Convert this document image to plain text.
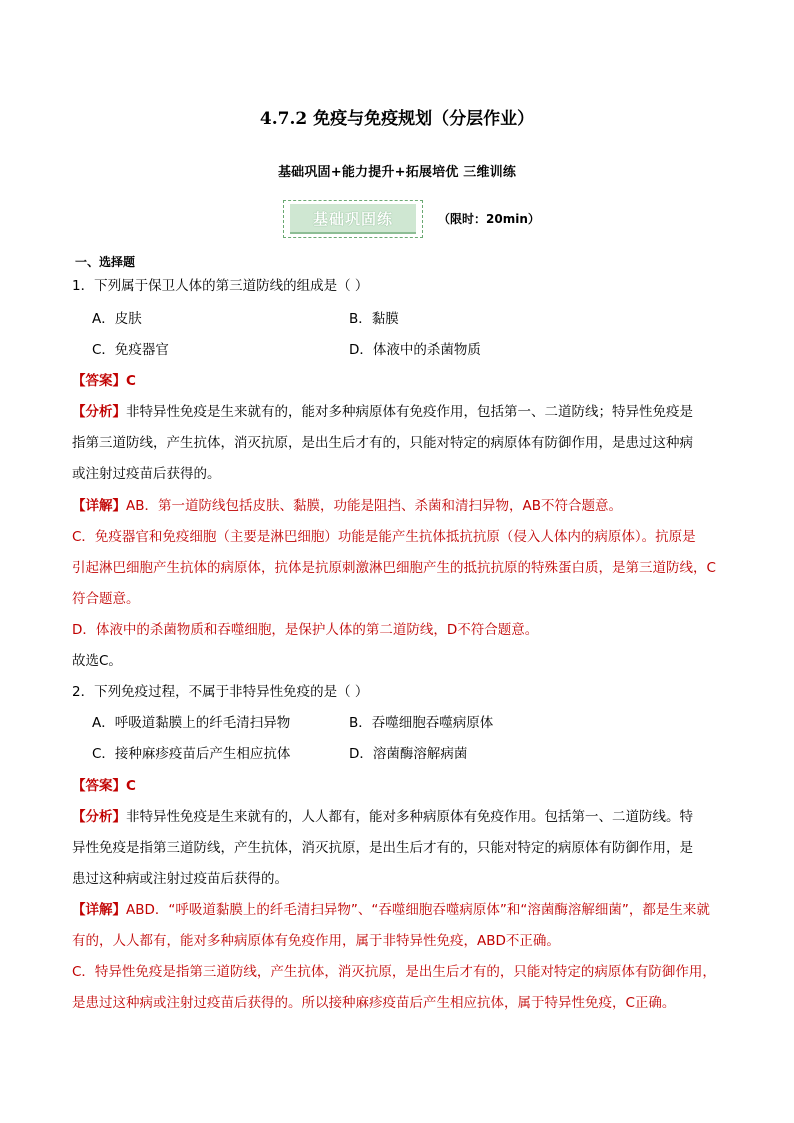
4.7.2 免疫与免疫规划（分层作业）
基础巩固+能力提升+拓展培优 三维训练
基础巩固练	（限时：20min）
一、选择题
1．下列属于保卫人体的第三道防线的组成是（ ）
A．皮肤	B．黏膜
C．免疫器官	D．体液中的杀菌物质
【答案】C
【分析】非特异性免疫是生来就有的，能对多种病原体有免疫作用，包括第一、二道防线；特异性免疫是
指第三道防线，产生抗体，消灭抗原，是出生后才有的，只能对特定的病原体有防御作用，是患过这种病
或注射过疫苗后获得的。
【详解】AB．第一道防线包括皮肤、黏膜，功能是阻挡、杀菌和清扫异物，AB不符合题意。
C．免疫器官和免疫细胞（主要是淋巴细胞）功能是能产生抗体抵抗抗原（侵入人体内的病原体）。抗原是
引起淋巴细胞产生抗体的病原体，抗体是抗原刺激淋巴细胞产生的抵抗抗原的特殊蛋白质，是第三道防线，C
符合题意。
D．体液中的杀菌物质和吞噬细胞，是保护人体的第二道防线，D不符合题意。
故选C。
2．下列免疫过程，不属于非特异性免疫的是（ ）
A．呼吸道黏膜上的纤毛清扫异物	B．吞噬细胞吞噬病原体
C．接种麻疹疫苗后产生相应抗体	D．溶菌酶溶解病菌
【答案】C
【分析】非特异性免疫是生来就有的，人人都有，能对多种病原体有免疫作用。包括第一、二道防线。特
异性免疫是指第三道防线，产生抗体，消灭抗原，是出生后才有的，只能对特定的病原体有防御作用，是
患过这种病或注射过疫苗后获得的。
【详解】ABD．“呼吸道黏膜上的纤毛清扫异物”、“吞噬细胞吞噬病原体”和“溶菌酶溶解细菌”，都是生来就
有的，人人都有，能对多种病原体有免疫作用，属于非特异性免疫，ABD不正确。
C．特异性免疫是指第三道防线，产生抗体，消灭抗原，是出生后才有的，只能对特定的病原体有防御作用，
是患过这种病或注射过疫苗后获得的。所以接种麻疹疫苗后产生相应抗体，属于特异性免疫，C正确。
